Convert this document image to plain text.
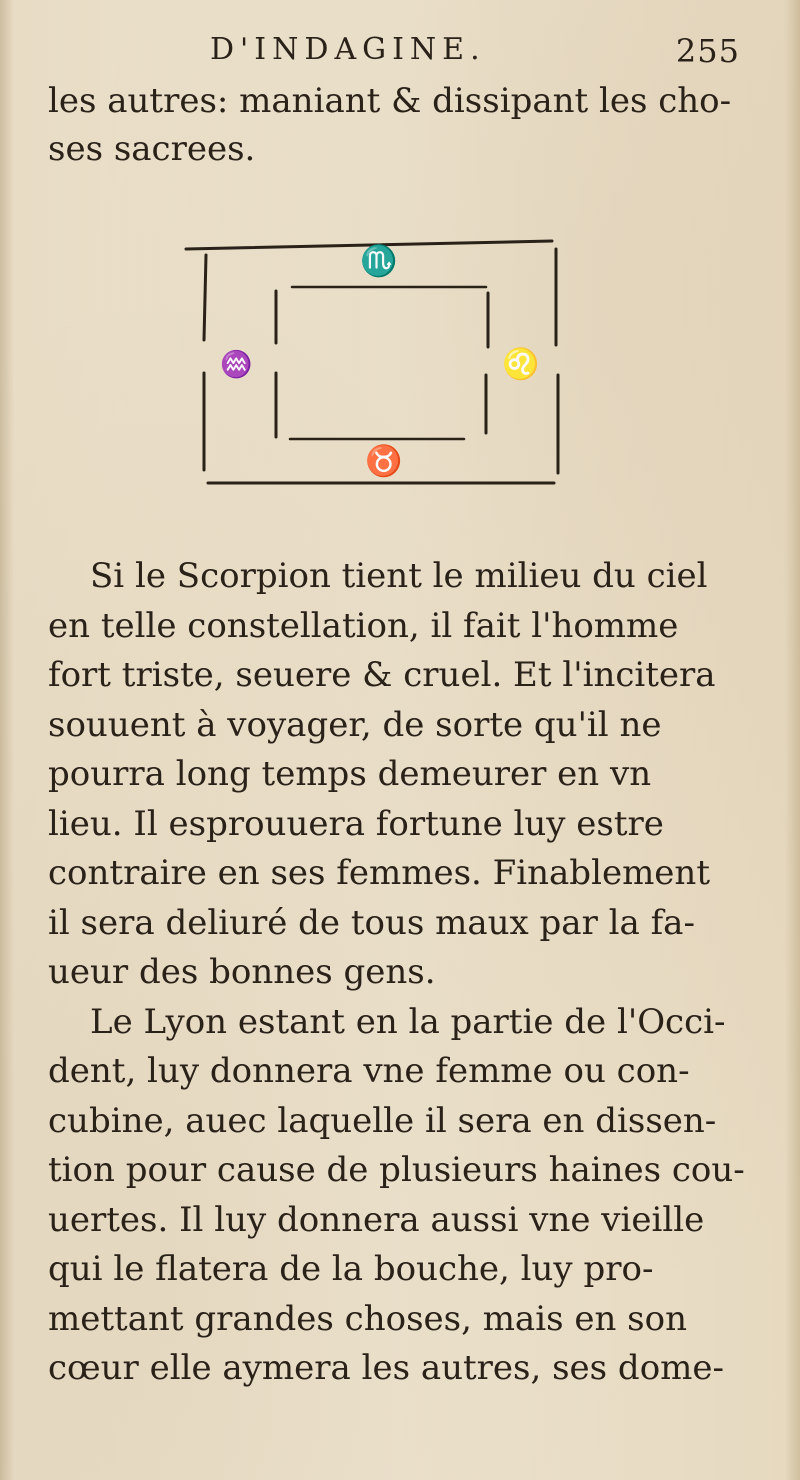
D'INDAGINE.	255
les autres: maniant & dissipant les cho-
ses sacrees.
♏
♒	♌
♉
Si le Scorpion tient le milieu du ciel
en telle constellation, il fait l'homme
fort triste, seuere & cruel. Et l'incitera
souuent à voyager, de sorte qu'il ne
pourra long temps demeurer en vn
lieu. Il esprouuera fortune luy estre
contraire en ses femmes. Finablement
il sera deliuré de tous maux par la fa-
ueur des bonnes gens.
Le Lyon estant en la partie de l'Occi-
dent, luy donnera vne femme ou con-
cubine, auec laquelle il sera en dissen-
tion pour cause de plusieurs haines cou-
uertes. Il luy donnera aussi vne vieille
qui le flatera de la bouche, luy pro-
mettant grandes choses, mais en son
cœur elle aymera les autres, ses dome-
